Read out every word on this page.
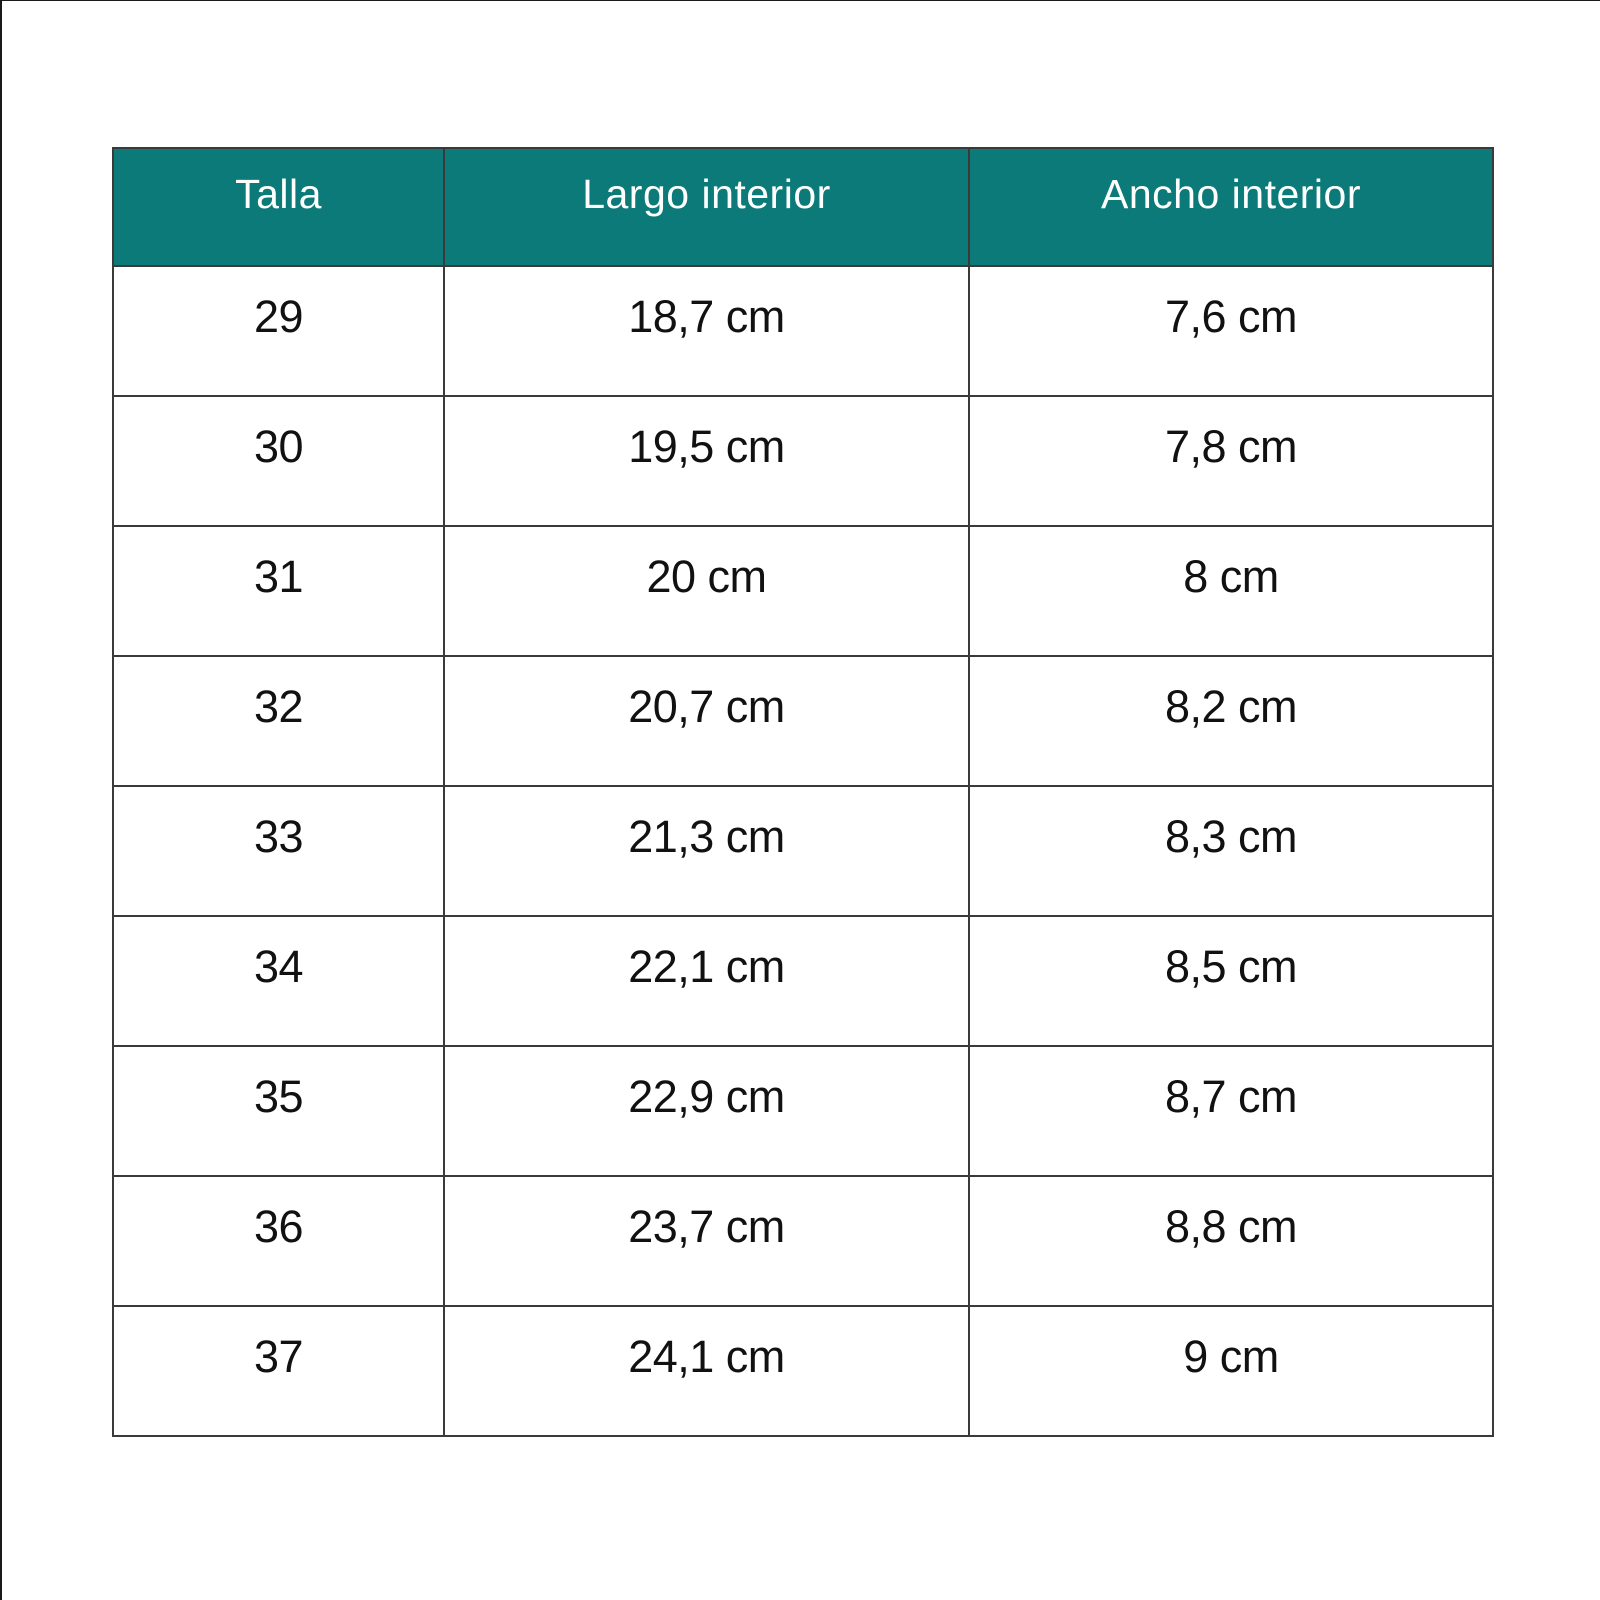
Talla	Largo interior	Ancho interior
29	18,7 cm	7,6 cm
30	19,5 cm	7,8 cm
31	20 cm	8 cm
32	20,7 cm	8,2 cm
33	21,3 cm	8,3 cm
34	22,1 cm	8,5 cm
35	22,9 cm	8,7 cm
36	23,7 cm	8,8 cm
37	24,1 cm	9 cm
